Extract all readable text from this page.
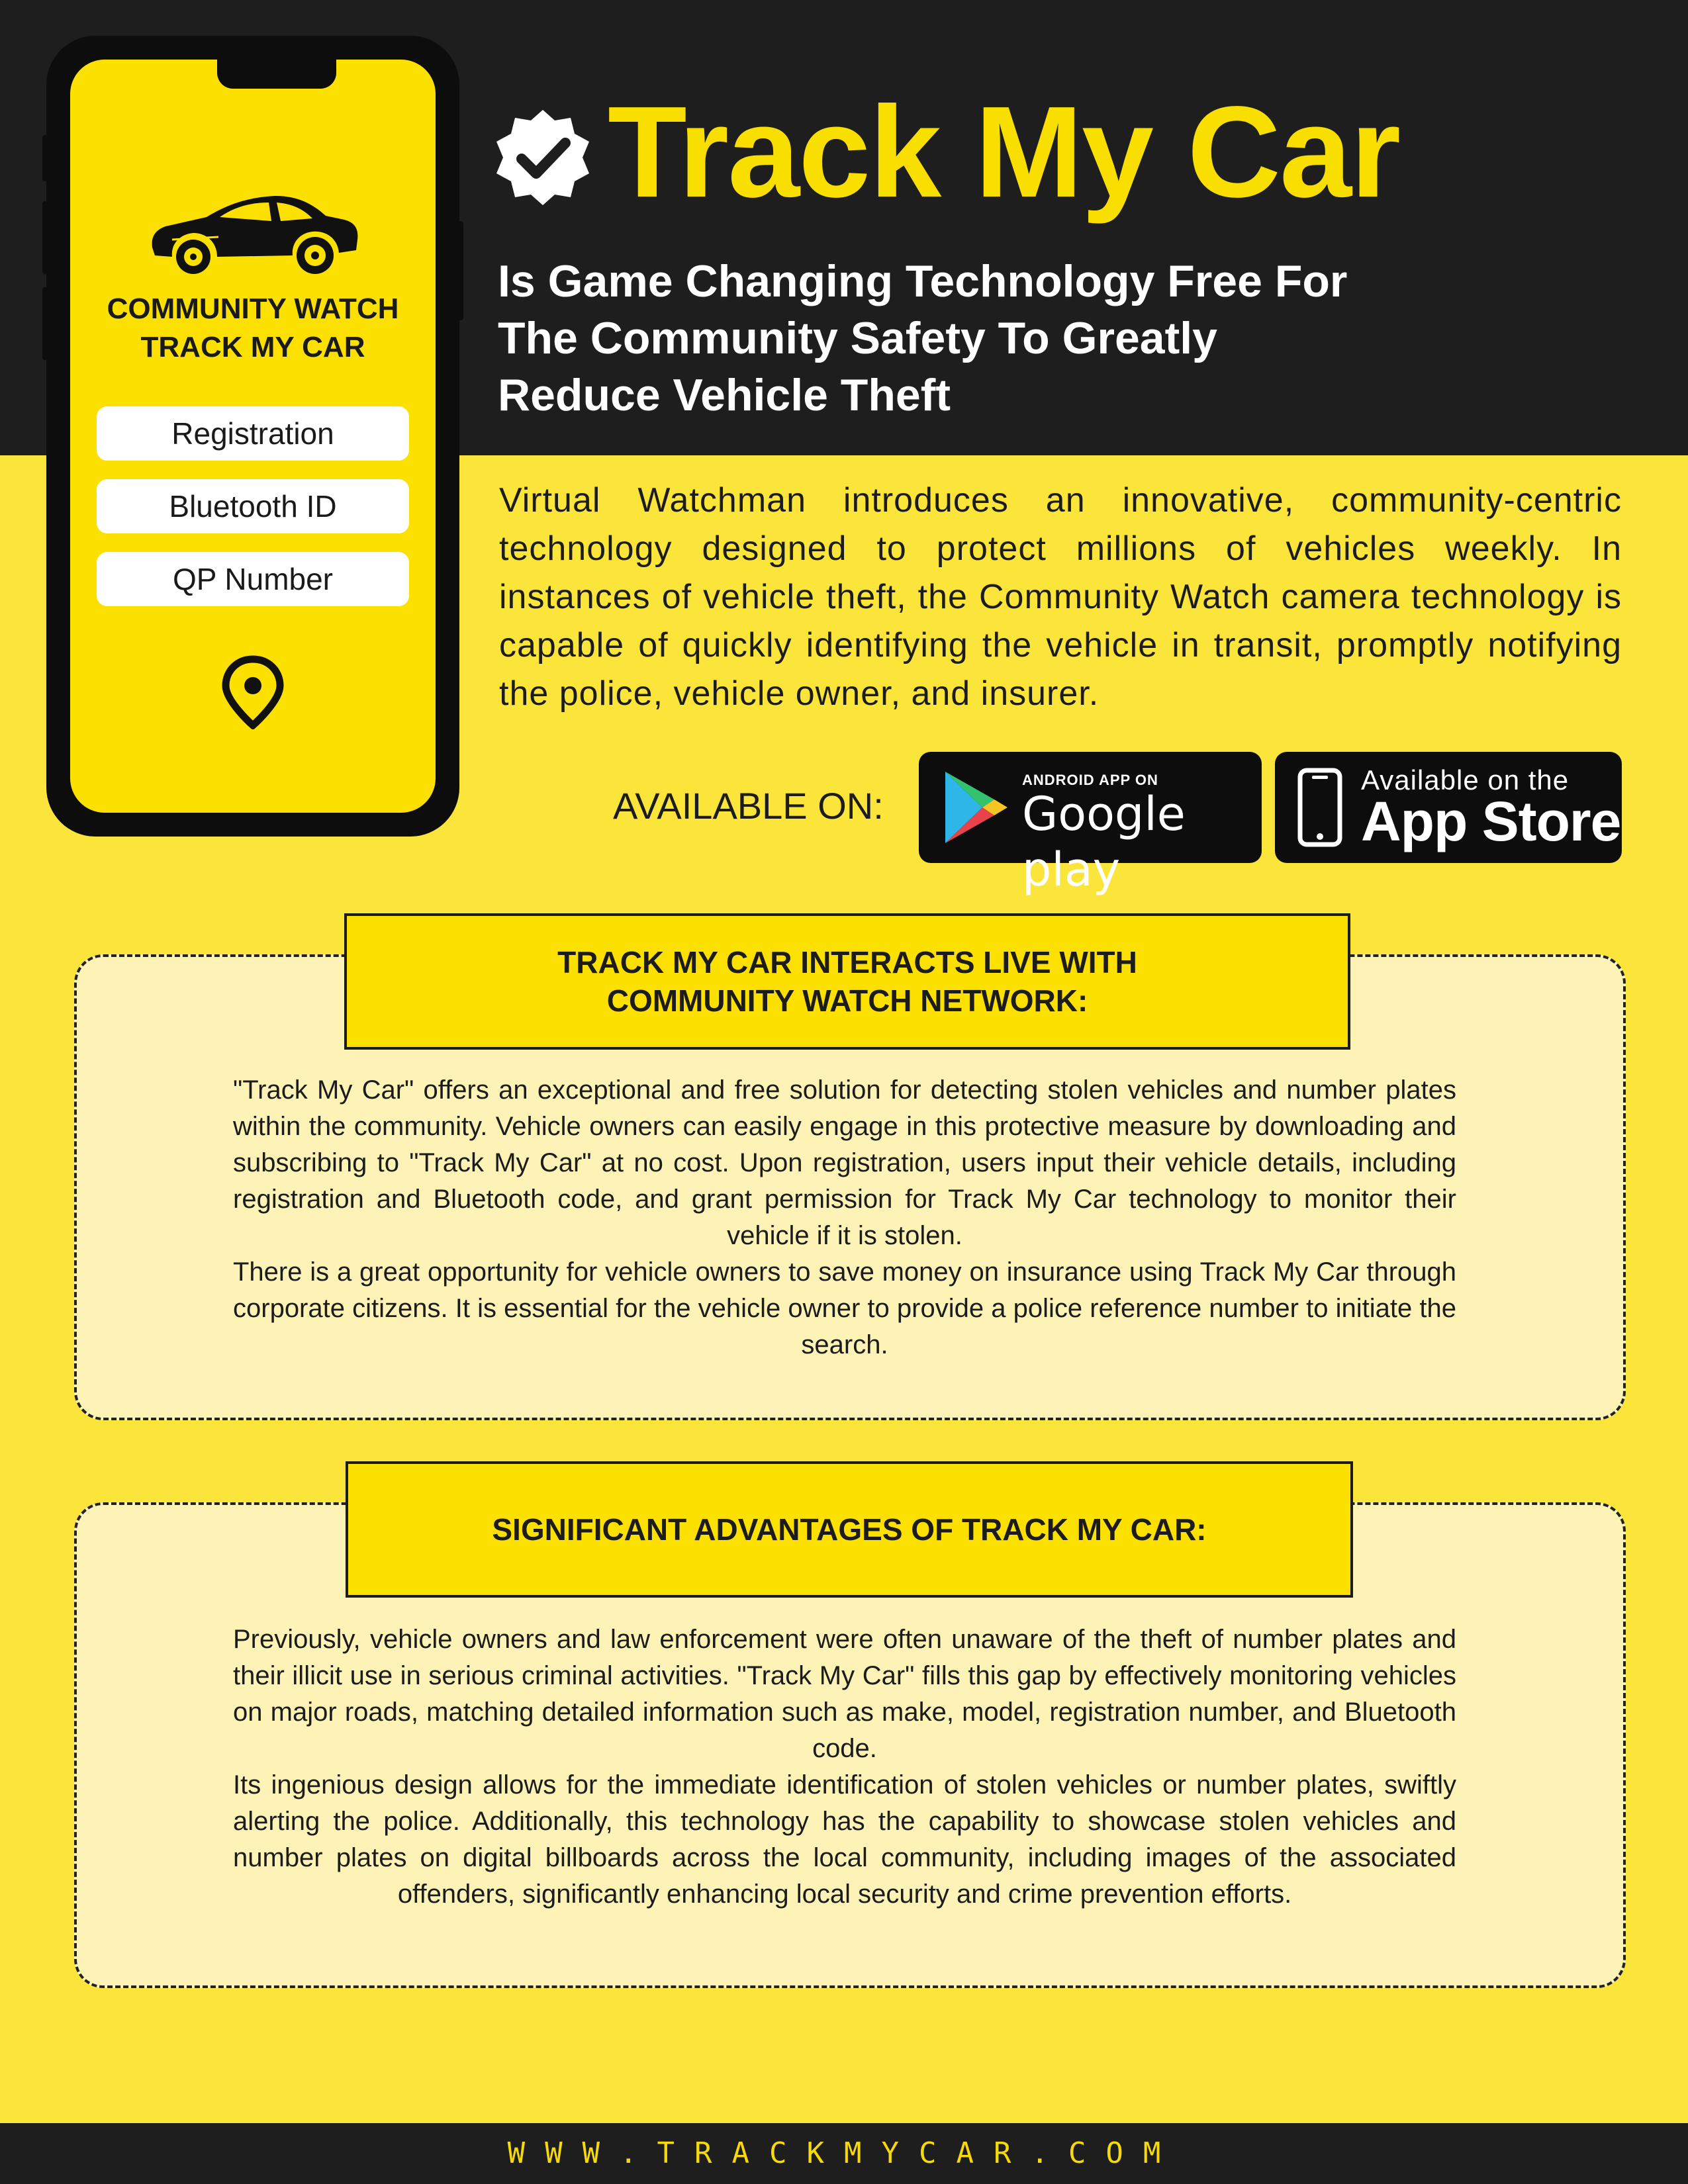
COMMUNITY WATCH
TRACK MY CAR
Registration
Bluetooth ID
QP Number
Track My Car
Is Game Changing Technology Free For
The Community Safety To Greatly
Reduce Vehicle Theft
Virtual Watchman introduces an innovative, community-centric technology designed to protect millions of vehicles weekly. In instances of vehicle theft, the Community Watch camera technology is capable of quickly identifying the vehicle in transit, promptly notifying the police, vehicle owner, and insurer.
AVAILABLE ON:
ANDROID APP ON
Google play
Available on the
App Store
TRACK MY CAR INTERACTS LIVE WITH
COMMUNITY WATCH NETWORK:

"Track My Car" offers an exceptional and free solution for detecting stolen vehicles and number plates within the community. Vehicle owners can easily engage in this protective measure by downloading and subscribing to "Track My Car" at no cost. Upon registration, users input their vehicle details, including registration and Bluetooth code, and grant permission for Track My Car technology to monitor their vehicle if it is stolen.

There is a great opportunity for vehicle owners to save money on insurance using Track My Car through corporate citizens. It is essential for the vehicle owner to provide a police reference number to initiate the search.

SIGNIFICANT ADVANTAGES OF TRACK MY CAR:

Previously, vehicle owners and law enforcement were often unaware of the theft of number plates and their illicit use in serious criminal activities. "Track My Car" fills this gap by effectively monitoring vehicles on major roads, matching detailed information such as make, model, registration number, and Bluetooth code.

Its ingenious design allows for the immediate identification of stolen vehicles or number plates, swiftly alerting the police. Additionally, this technology has the capability to showcase stolen vehicles and number plates on digital billboards across the local community, including images of the associated offenders, significantly enhancing local security and crime prevention efforts.

WWW.TRACKMYCAR.COM
